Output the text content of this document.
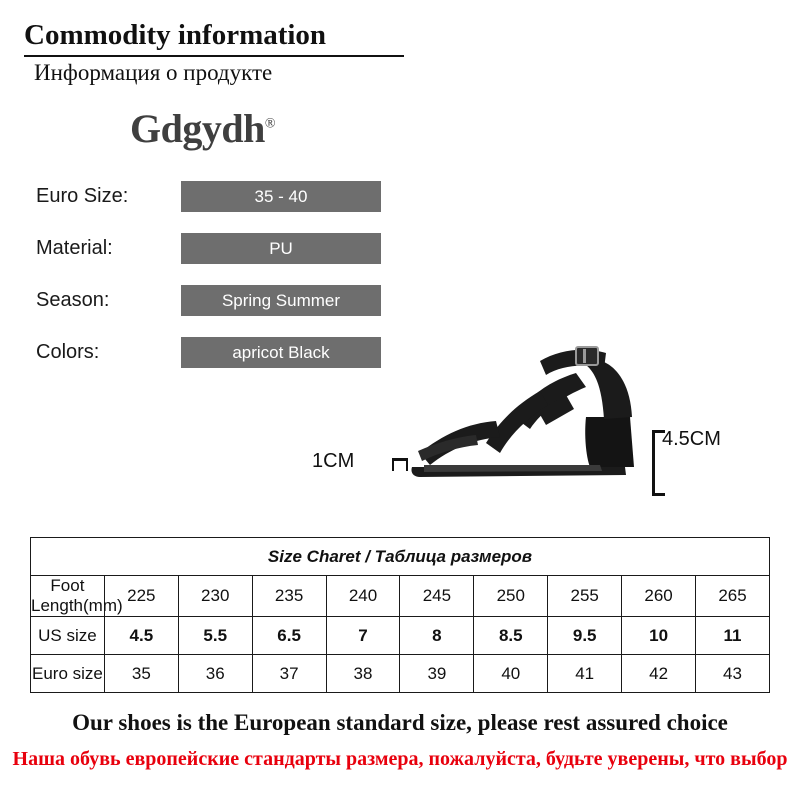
Commodity information
Информация о продукте
Gdgydh®
Euro Size:	35 - 40
Material:	PU
Season:	Spring Summer
Colors:	apricot Black
4.5CM
1CM
Size Charet / Таблица размеров									
Foot Length(mm)	225	230	235	240	245	250	255	260	265
US size	4.5	5.5	6.5	7	8	8.5	9.5	10	11
Euro size	35	36	37	38	39	40	41	42	43
Our shoes is the European standard size, please rest assured choice
Наша обувь европейские стандарты размера, пожалуйста, будьте уверены, что выбор
